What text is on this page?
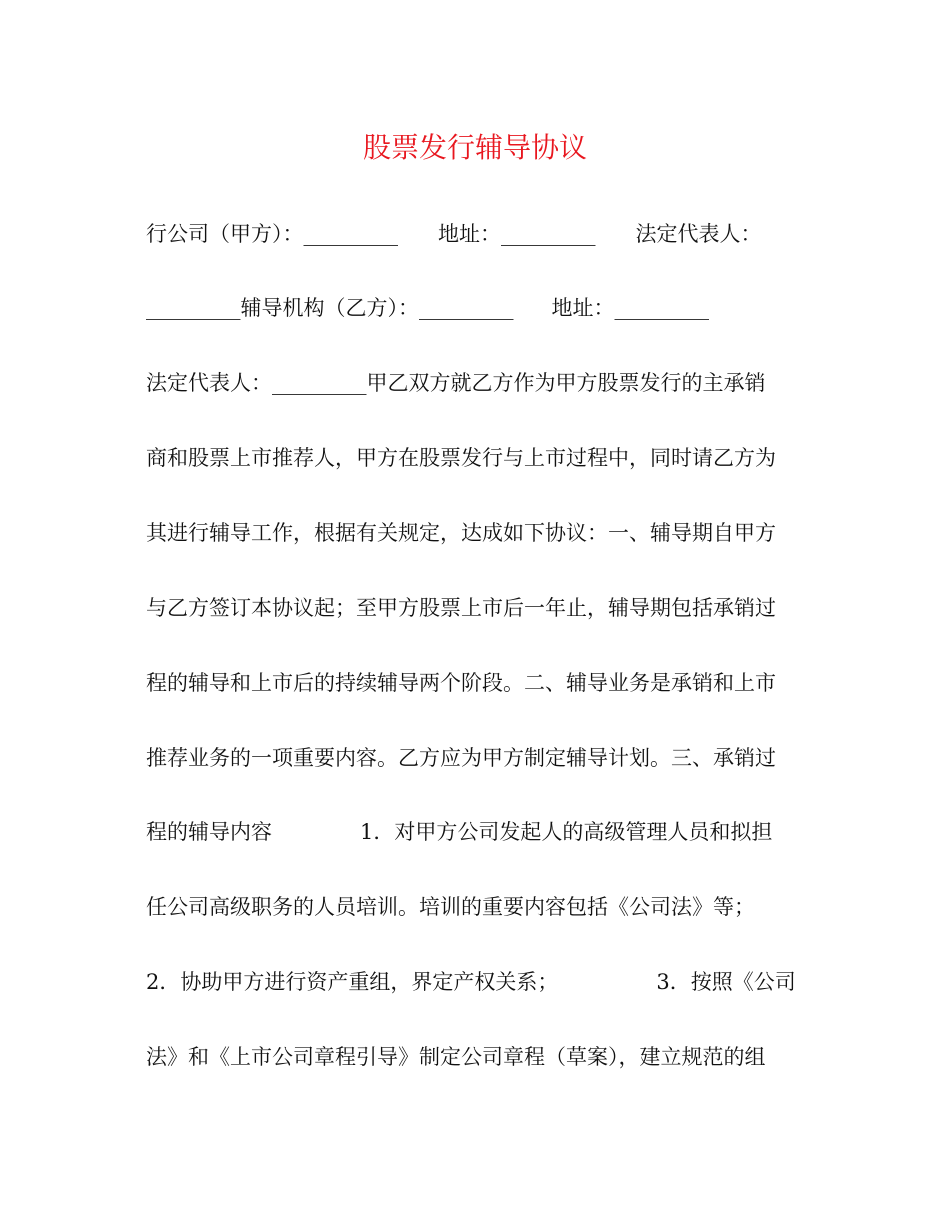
股票发行辅导协议
行公司（甲方）：_________ 地址：_________ 法定代表人：
_________辅导机构（乙方）：_________ 地址：_________
法定代表人：_________甲乙双方就乙方作为甲方股票发行的主承销
商和股票上市推荐人，甲方在股票发行与上市过程中，同时请乙方为
其进行辅导工作，根据有关规定，达成如下协议：一、辅导期自甲方
与乙方签订本协议起；至甲方股票上市后一年止，辅导期包括承销过
程的辅导和上市后的持续辅导两个阶段。二、辅导业务是承销和上市
推荐业务的一项重要内容。乙方应为甲方制定辅导计划。三、承销过
程的辅导内容	1．对甲方公司发起人的高级管理人员和拟担
任公司高级职务的人员培训。培训的重要内容包括《公司法》等；
2．协助甲方进行资产重组，界定产权关系；	3．按照《公司
法》和《上市公司章程引导》制定公司章程（草案），建立规范的组
